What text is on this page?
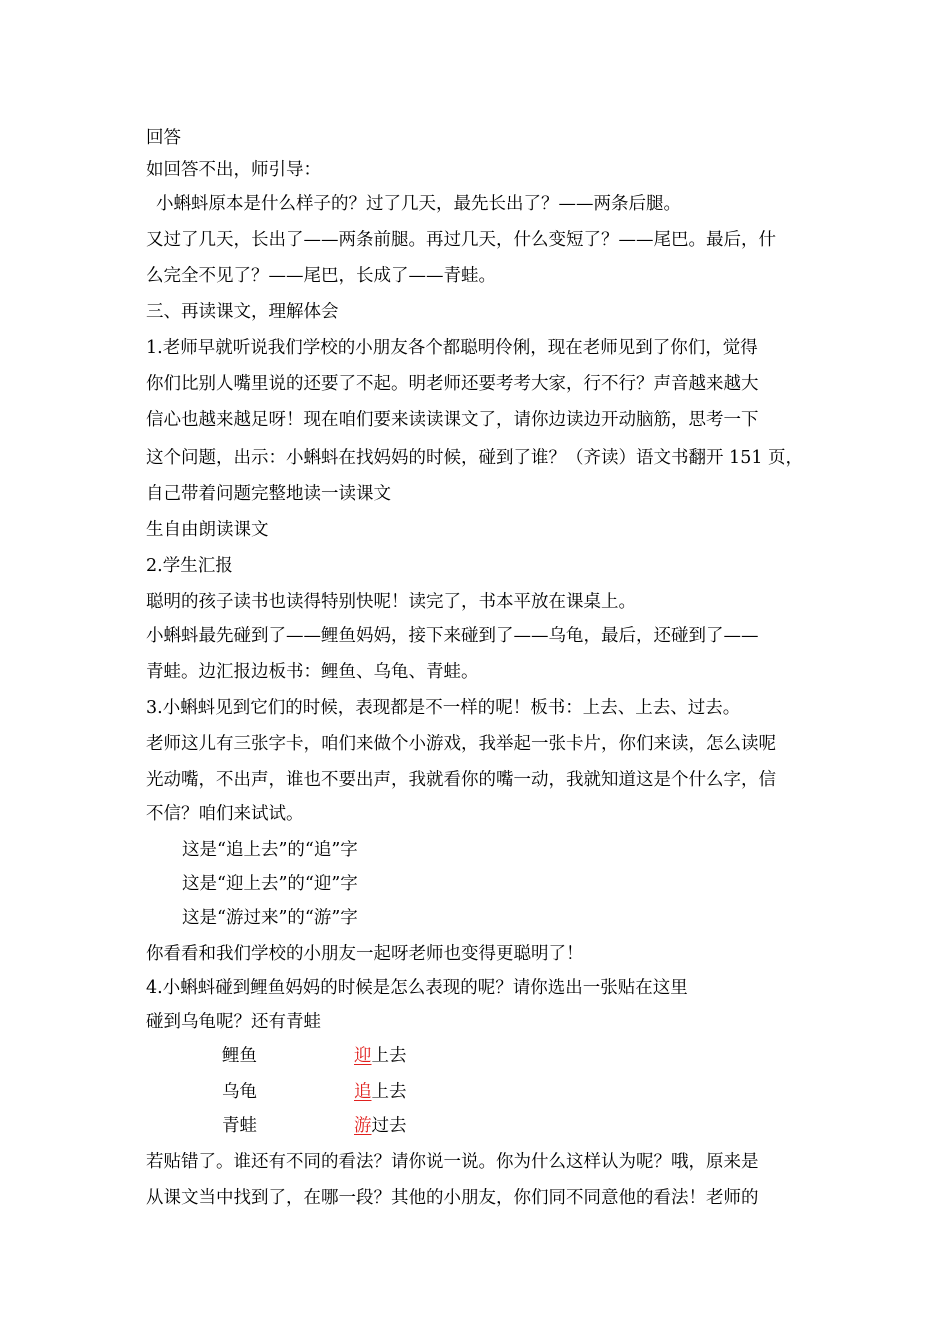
回答
如回答不出，师引导：
小蝌蚪原本是什么样子的？过了几天，最先长出了？——两条后腿。
又过了几天，长出了——两条前腿。再过几天，什么变短了？——尾巴。最后，什
么完全不见了？——尾巴，长成了——青蛙。
三、再读课文，理解体会
1.老师早就听说我们学校的小朋友各个都聪明伶俐，现在老师见到了你们，觉得
你们比别人嘴里说的还要了不起。明老师还要考考大家，行不行？声音越来越大
信心也越来越足呀！现在咱们要来读读课文了，请你边读边开动脑筋，思考一下
这个问题，出示：小蝌蚪在找妈妈的时候，碰到了谁？（齐读）语文书翻开 151 页，
自己带着问题完整地读一读课文
生自由朗读课文
2.学生汇报
聪明的孩子读书也读得特别快呢！读完了，书本平放在课桌上。
小蝌蚪最先碰到了——鲤鱼妈妈，接下来碰到了——乌龟，最后，还碰到了——
青蛙。边汇报边板书：鲤鱼、乌龟、青蛙。
3.小蝌蚪见到它们的时候，表现都是不一样的呢！板书：上去、上去、过去。
老师这儿有三张字卡，咱们来做个小游戏，我举起一张卡片，你们来读，怎么读呢
光动嘴，不出声，谁也不要出声，我就看你的嘴一动，我就知道这是个什么字，信
不信？咱们来试试。
这是“追上去”的“追”字
这是“迎上去”的“迎”字
这是“游过来”的“游”字
你看看和我们学校的小朋友一起呀老师也变得更聪明了！
4.小蝌蚪碰到鲤鱼妈妈的时候是怎么表现的呢？请你选出一张贴在这里
碰到乌龟呢？还有青蛙
鲤鱼	迎上去
乌龟	追上去
青蛙	游过去
若贴错了。谁还有不同的看法？请你说一说。你为什么这样认为呢？哦，原来是
从课文当中找到了，在哪一段？其他的小朋友，你们同不同意他的看法！老师的
